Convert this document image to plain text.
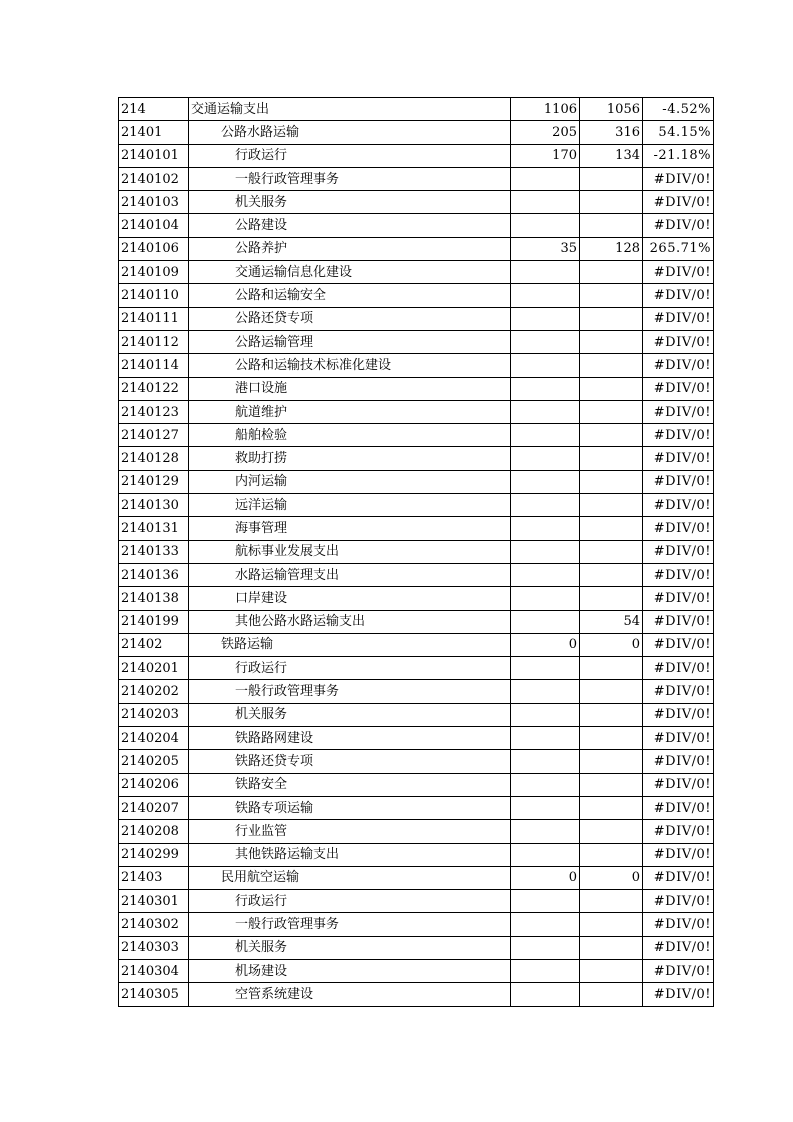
214	交通运输支出	1106	1056	-4.52%
21401	公路水路运输	205	316	54.15%
2140101	行政运行	170	134	-21.18%
2140102	一般行政管理事务			#DIV/0!
2140103	机关服务			#DIV/0!
2140104	公路建设			#DIV/0!
2140106	公路养护	35	128	265.71%
2140109	交通运输信息化建设			#DIV/0!
2140110	公路和运输安全			#DIV/0!
2140111	公路还贷专项			#DIV/0!
2140112	公路运输管理			#DIV/0!
2140114	公路和运输技术标准化建设			#DIV/0!
2140122	港口设施			#DIV/0!
2140123	航道维护			#DIV/0!
2140127	船舶检验			#DIV/0!
2140128	救助打捞			#DIV/0!
2140129	内河运输			#DIV/0!
2140130	远洋运输			#DIV/0!
2140131	海事管理			#DIV/0!
2140133	航标事业发展支出			#DIV/0!
2140136	水路运输管理支出			#DIV/0!
2140138	口岸建设			#DIV/0!
2140199	其他公路水路运输支出		54	#DIV/0!
21402	铁路运输	0	0	#DIV/0!
2140201	行政运行			#DIV/0!
2140202	一般行政管理事务			#DIV/0!
2140203	机关服务			#DIV/0!
2140204	铁路路网建设			#DIV/0!
2140205	铁路还贷专项			#DIV/0!
2140206	铁路安全			#DIV/0!
2140207	铁路专项运输			#DIV/0!
2140208	行业监管			#DIV/0!
2140299	其他铁路运输支出			#DIV/0!
21403	民用航空运输	0	0	#DIV/0!
2140301	行政运行			#DIV/0!
2140302	一般行政管理事务			#DIV/0!
2140303	机关服务			#DIV/0!
2140304	机场建设			#DIV/0!
2140305	空管系统建设			#DIV/0!
